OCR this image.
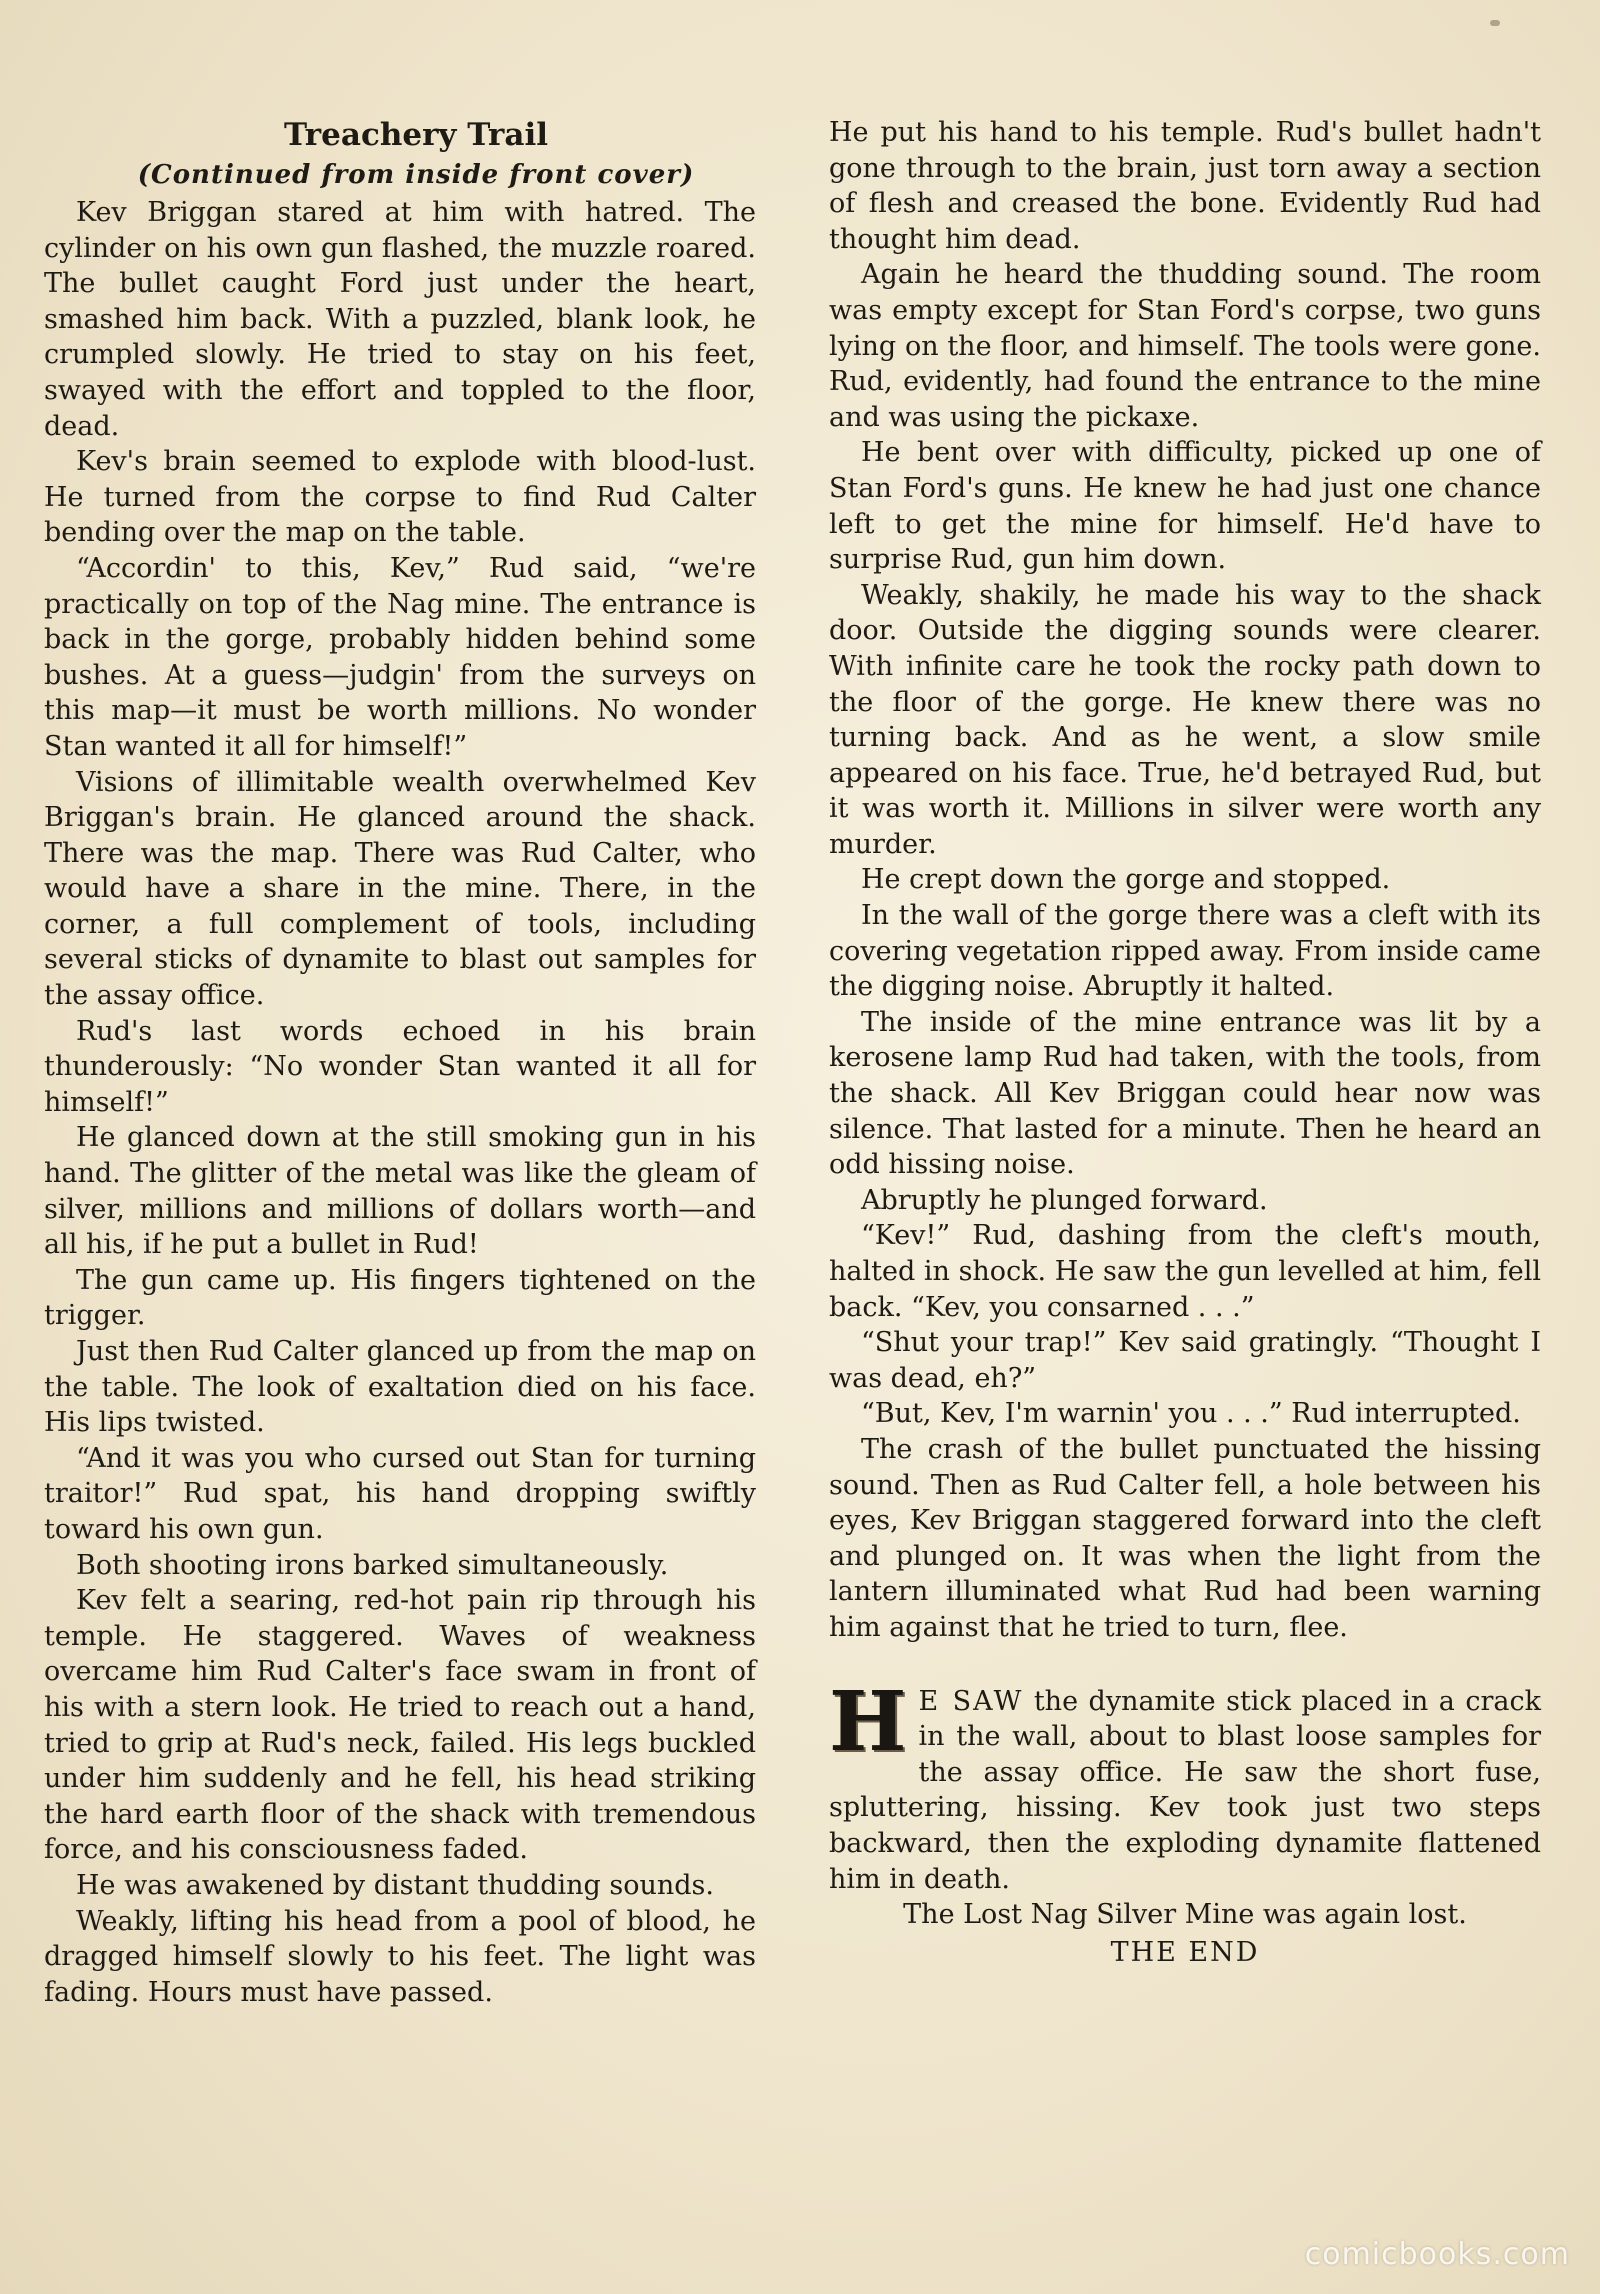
Treachery Trail

(Continued from inside front cover)

Kev Briggan stared at him with hatred. The cylinder on his own gun flashed, the muzzle roared. The bullet caught Ford just under the heart, smashed him back. With a puzzled, blank look, he crumpled slowly. He tried to stay on his feet, swayed with the effort and toppled to the floor, dead.

Kev's brain seemed to explode with blood-lust. He turned from the corpse to find Rud Calter bending over the map on the table.

“Accordin' to this, Kev,” Rud said, “we're practically on top of the Nag mine. The entrance is back in the gorge, probably hidden behind some bushes. At a guess—judgin' from the surveys on this map—it must be worth millions. No wonder Stan wanted it all for himself!”

Visions of illimitable wealth overwhelmed Kev Briggan's brain. He glanced around the shack. There was the map. There was Rud Calter, who would have a share in the mine. There, in the corner, a full complement of tools, including several sticks of dynamite to blast out samples for the assay office.

Rud's last words echoed in his brain thunderously: “No wonder Stan wanted it all for himself!”

He glanced down at the still smoking gun in his hand. The glitter of the metal was like the gleam of silver, millions and millions of dollars worth—and all his, if he put a bullet in Rud!

The gun came up. His fingers tightened on the trigger.

Just then Rud Calter glanced up from the map on the table. The look of exaltation died on his face. His lips twisted.

“And it was you who cursed out Stan for turning traitor!” Rud spat, his hand dropping swiftly toward his own gun.

Both shooting irons barked simultaneously.

Kev felt a searing, red-hot pain rip through his temple. He staggered. Waves of weakness overcame him Rud Calter's face swam in front of his with a stern look. He tried to reach out a hand, tried to grip at Rud's neck, failed. His legs buckled under him suddenly and he fell, his head striking the hard earth floor of the shack with tremendous force, and his consciousness faded.

He was awakened by distant thudding sounds.

Weakly, lifting his head from a pool of blood, he dragged himself slowly to his feet. The light was fading. Hours must have passed.

He put his hand to his temple. Rud's bullet hadn't gone through to the brain, just torn away a section of flesh and creased the bone. Evidently Rud had thought him dead.

Again he heard the thudding sound. The room was empty except for Stan Ford's corpse, two guns lying on the floor, and himself. The tools were gone. Rud, evidently, had found the entrance to the mine and was using the pickaxe.

He bent over with difficulty, picked up one of Stan Ford's guns. He knew he had just one chance left to get the mine for himself. He'd have to surprise Rud, gun him down.

Weakly, shakily, he made his way to the shack door. Outside the digging sounds were clearer. With infinite care he took the rocky path down to the floor of the gorge. He knew there was no turning back. And as he went, a slow smile appeared on his face. True, he'd betrayed Rud, but it was worth it. Millions in silver were worth any murder.

He crept down the gorge and stopped.

In the wall of the gorge there was a cleft with its covering vegetation ripped away. From inside came the digging noise. Abruptly it halted.

The inside of the mine entrance was lit by a kerosene lamp Rud had taken, with the tools, from the shack. All Kev Briggan could hear now was silence. That lasted for a minute. Then he heard an odd hissing noise.

Abruptly he plunged forward.

“Kev!” Rud, dashing from the cleft's mouth, halted in shock. He saw the gun levelled at him, fell back. “Kev, you consarned . . .”

“Shut your trap!” Kev said gratingly. “Thought I was dead, eh?”

“But, Kev, I'm warnin' you . . .” Rud interrupted.

The crash of the bullet punctuated the hissing sound. Then as Rud Calter fell, a hole between his eyes, Kev Briggan staggered forward into the cleft and plunged on. It was when the light from the lantern illuminated what Rud had been warning him against that he tried to turn, flee.

H E SAW the dynamite stick placed in a crack in the wall, about to blast loose samples for the assay office. He saw the short fuse, spluttering, hissing. Kev took just two steps backward, then the exploding dynamite flattened him in death.

The Lost Nag Silver Mine was again lost.

THE END

comicbooks.com
